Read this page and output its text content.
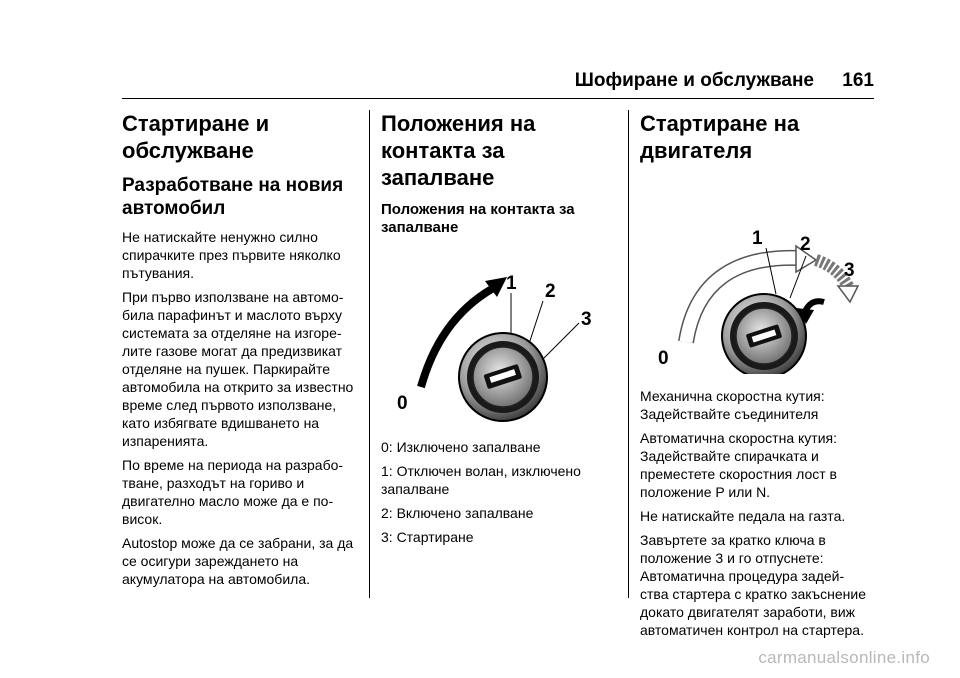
Шофиране и обслужване 161
Стартиране и обслужване
Разработване на новия автомобил

Не натискайте ненужно силно спирачките през първите няколко пътувания.

При първо използване на автомо- била парафинът и маслото върху системата за отделяне на изгоре- лите газове могат да предизвикат отделяне на пушек. Паркирайте автомобила на открито за известно време след първото използване, като избягвате вдишването на изпаренията.

По време на периода на разрабо- тване, разходът на гориво и двигателно масло може да е по-висок.

Autostop може да се забрани, за да се осигури зареждането на акумулатора на автомобила.

Положения на контакта за запалване
Положения на контакта за запалване
0
1 2
3

0: Изключено запалване

1: Отключен волан, изключено запалване

2: Включено запалване

3: Стартиране

Стартиране на двигателя
0
1 2
3

Механична скоростна кутия: Задействайте съединителя

Автоматична скоростна кутия: Задействайте спирачката и преместете скоростния лост в положение P или N.

Не натискайте педала на газта.

Завъртете за кратко ключа в положение 3 и го отпуснете: Автоматична процедура задей- ства стартера с кратко закъснение докато двигателят заработи, виж автоматичен контрол на стартера.

carmanualsonline.info
